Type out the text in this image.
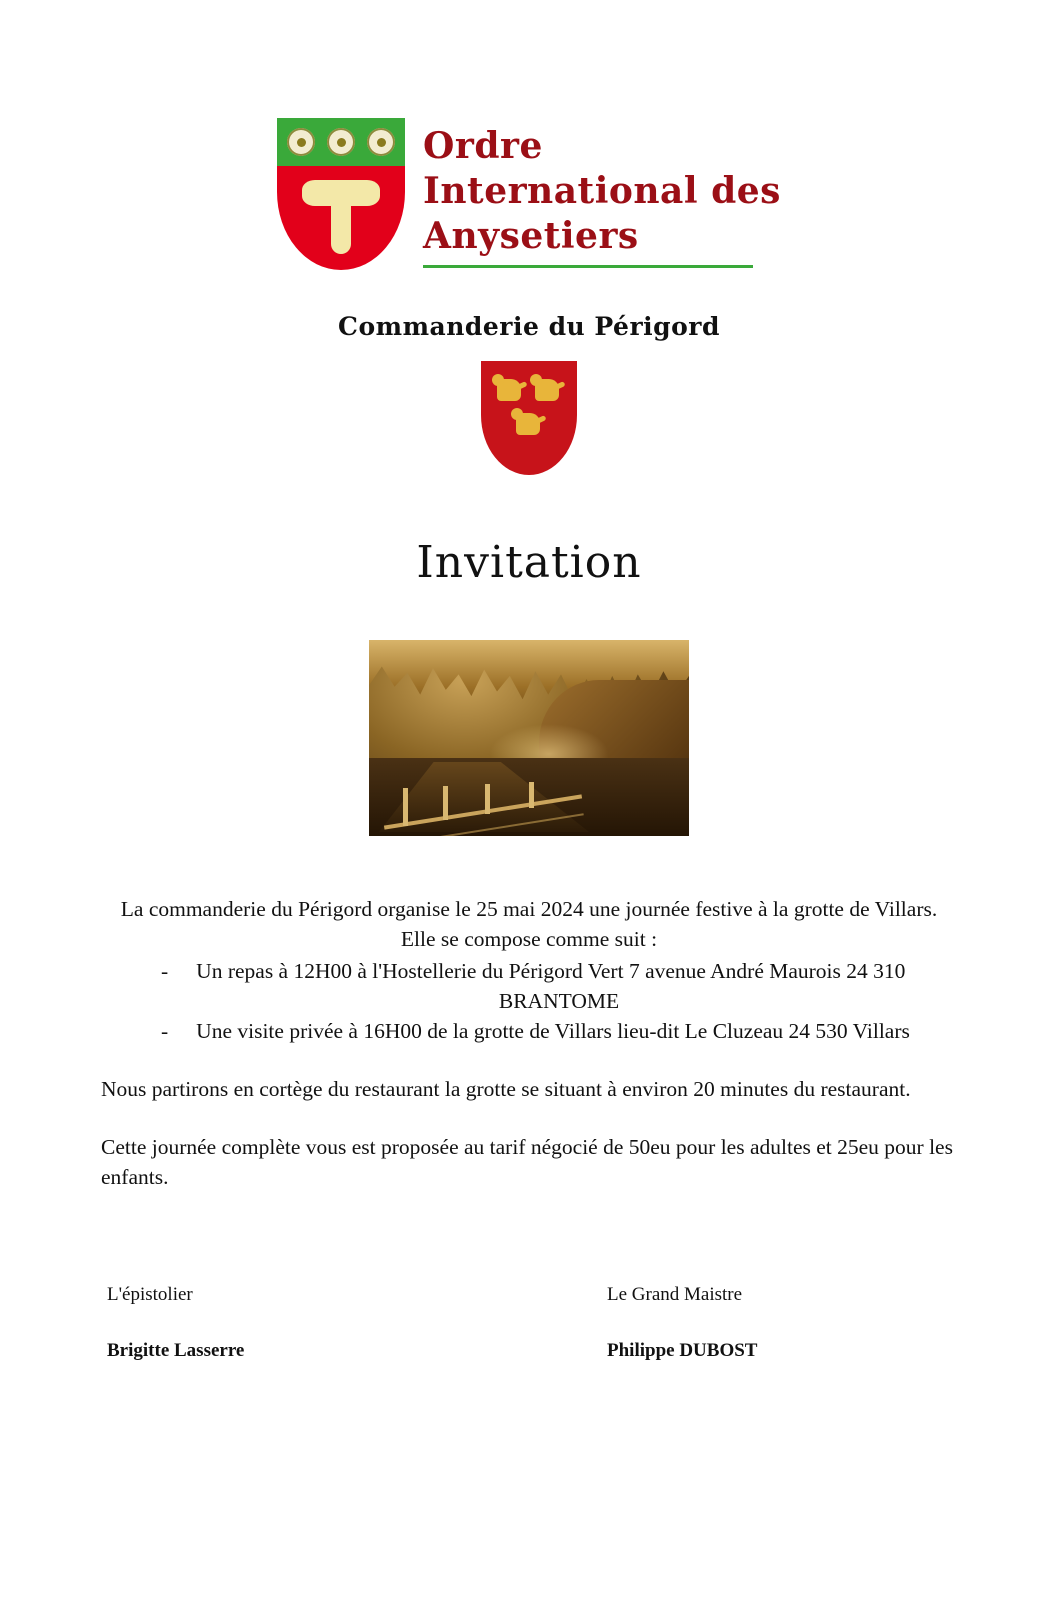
Ordre
International des
Anysetiers
Commanderie du Périgord
Invitation
La commanderie du Périgord organise le 25 mai 2024 une journée festive à la grotte de Villars.
Elle se compose comme suit :
- Un repas à 12H00 à l'Hostellerie du Périgord Vert 7 avenue André Maurois 24 310
BRANTOME
- Une visite privée à 16H00 de la grotte de Villars lieu-dit Le Cluzeau 24 530 Villars
Nous partirons en cortège du restaurant la grotte se situant à environ 20 minutes du restaurant.
Cette journée complète vous est proposée au tarif négocié de 50eu pour les adultes et 25eu pour les enfants.
L'épistolier
Brigitte Lasserre
Le Grand Maistre
Philippe DUBOST
